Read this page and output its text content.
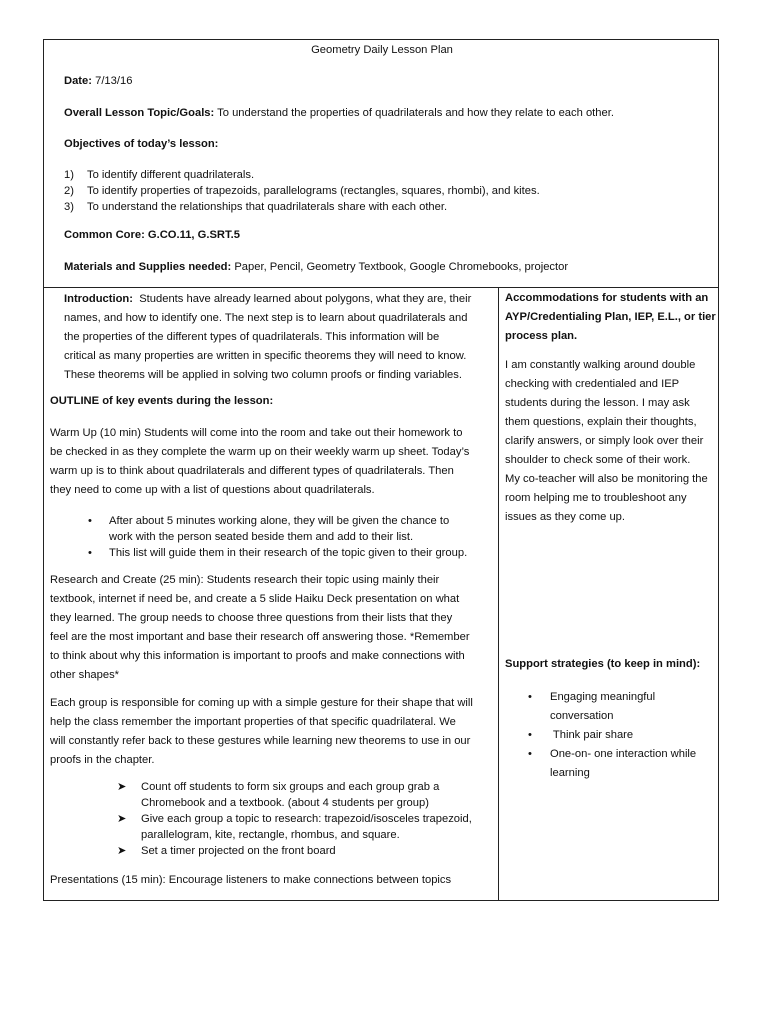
Geometry Daily Lesson Plan

Date: 7/13/16

Overall Lesson Topic/Goals: To understand the properties of quadrilaterals and how they relate to each other.

Objectives of today’s lesson:

1) To identify different quadrilaterals.
2) To identify properties of trapezoids, parallelograms (rectangles, squares, rhombi), and kites.
3) To understand the relationships that quadrilaterals share with each other.

Common Core: G.CO.11, G.SRT.5

Materials and Supplies needed: Paper, Pencil, Geometry Textbook, Google Chromebooks, projector

Introduction: Students have already learned about polygons, what they are, their
names, and how to identify one. The next step is to learn about quadrilaterals and
the properties of the different types of quadrilaterals. This information will be
critical as many properties are written in specific theorems they will need to know.
These theorems will be applied in solving two column proofs or finding variables.

OUTLINE of key events during the lesson:

Warm Up (10 min) Students will come into the room and take out their homework to
be checked in as they complete the warm up on their weekly warm up sheet. Today’s
warm up is to think about quadrilaterals and different types of quadrilaterals. Then
they need to come up with a list of questions about quadrilaterals.
• After about 5 minutes working alone, they will be given the chance to
work with the person seated beside them and add to their list.
• This list will guide them in their research of the topic given to their group.
Research and Create (25 min): Students research their topic using mainly their
textbook, internet if need be, and create a 5 slide Haiku Deck presentation on what
they learned. The group needs to choose three questions from their lists that they
feel are the most important and base their research off answering those. *Remember
to think about why this information is important to proofs and make connections with
other shapes*
Each group is responsible for coming up with a simple gesture for their shape that will
help the class remember the important properties of that specific quadrilateral. We
will constantly refer back to these gestures while learning new theorems to use in our
proofs in the chapter.
➤ Count off students to form six groups and each group grab a
Chromebook and a textbook. (about 4 students per group)
➤ Give each group a topic to research: trapezoid/isosceles trapezoid,
parallelogram, kite, rectangle, rhombus, and square.
➤ Set a timer projected on the front board

Presentations (15 min): Encourage listeners to make connections between topics

Accommodations for students with an
AYP/Credentialing Plan, IEP, E.L., or tier
process plan.
I am constantly walking around double
checking with credentialed and IEP
students during the lesson. I may ask
them questions, explain their thoughts,
clarify answers, or simply look over their
shoulder to check some of their work.
My co-teacher will also be monitoring the
room helping me to troubleshoot any
issues as they come up.

Support strategies (to keep in mind):

• Engaging meaningful
conversation
• Think pair share
• One-on- one interaction while
learning
